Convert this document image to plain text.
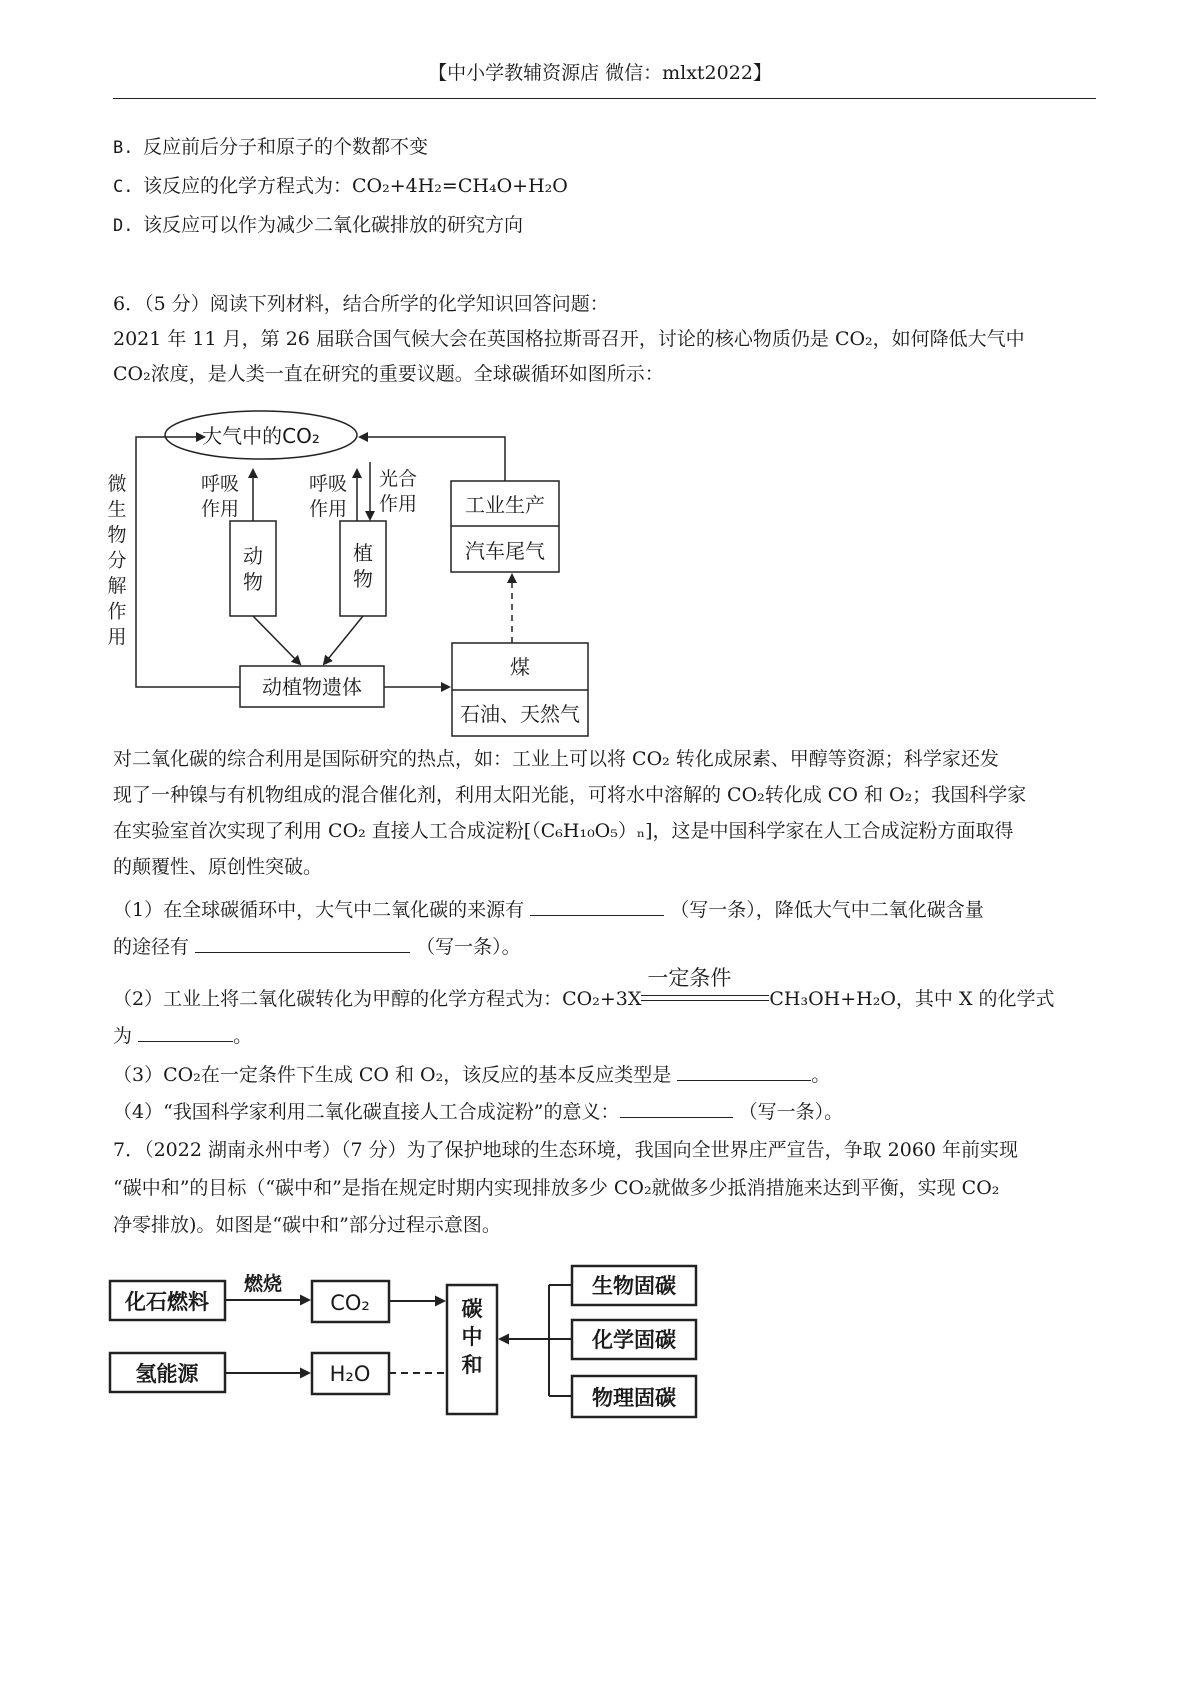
【中小学教辅资源店 微信：mlxt2022】
B. 反应前后分子和原子的个数都不变
C. 该反应的化学方程式为：CO₂+4H₂=CH₄O+H₂O
D. 该反应可以作为减少二氧化碳排放的研究方向
6．（5 分）阅读下列材料，结合所学的化学知识回答问题：
2021 年 11 月，第 26 届联合国气候大会在英国格拉斯哥召开，讨论的核心物质仍是 CO₂，如何降低大气中
CO₂浓度，是人类一直在研究的重要议题。全球碳循环如图所示：
大气中的CO₂
微生物分解作用
呼吸
作用
呼吸
作用
光合
作用
动
物
植
物
工业生产
汽车尾气
动植物遗体
煤
石油、天然气
对二氧化碳的综合利用是国际研究的热点，如：工业上可以将 CO₂ 转化成尿素、甲醇等资源；科学家还发
现了一种镍与有机物组成的混合催化剂，利用太阳光能，可将水中溶解的 CO₂转化成 CO 和 O₂；我国科学家
在实验室首次实现了利用 CO₂ 直接人工合成淀粉[（C₆H₁₀O₅）ₙ]，这是中国科学家在人工合成淀粉方面取得
的颠覆性、原创性突破。
（1）在全球碳循环中，大气中二氧化碳的来源有	（写一条），降低大气中二氧化碳含量
的途径有	（写一条）。
（2）工业上将二氧化碳转化为甲醇的化学方程式为：CO₂+3X
一定条件
CH₃OH+H₂O，其中 X 的化学式
为	。
（3）CO₂在一定条件下生成 CO 和 O₂，该反应的基本反应类型是	。
（4）“我国科学家利用二氧化碳直接人工合成淀粉”的意义：	（写一条）。
7．（2022 湖南永州中考）（7 分）为了保护地球的生态环境，我国向全世界庄严宣告，争取 2060 年前实现
“碳中和”的目标（“碳中和”是指在规定时期内实现排放多少 CO₂就做多少抵消措施来达到平衡，实现 CO₂
净零排放)。如图是“碳中和”部分过程示意图。
化石燃料
燃烧
CO₂
氢能源	H₂O
碳
中
和
生物固碳
化学固碳
物理固碳
